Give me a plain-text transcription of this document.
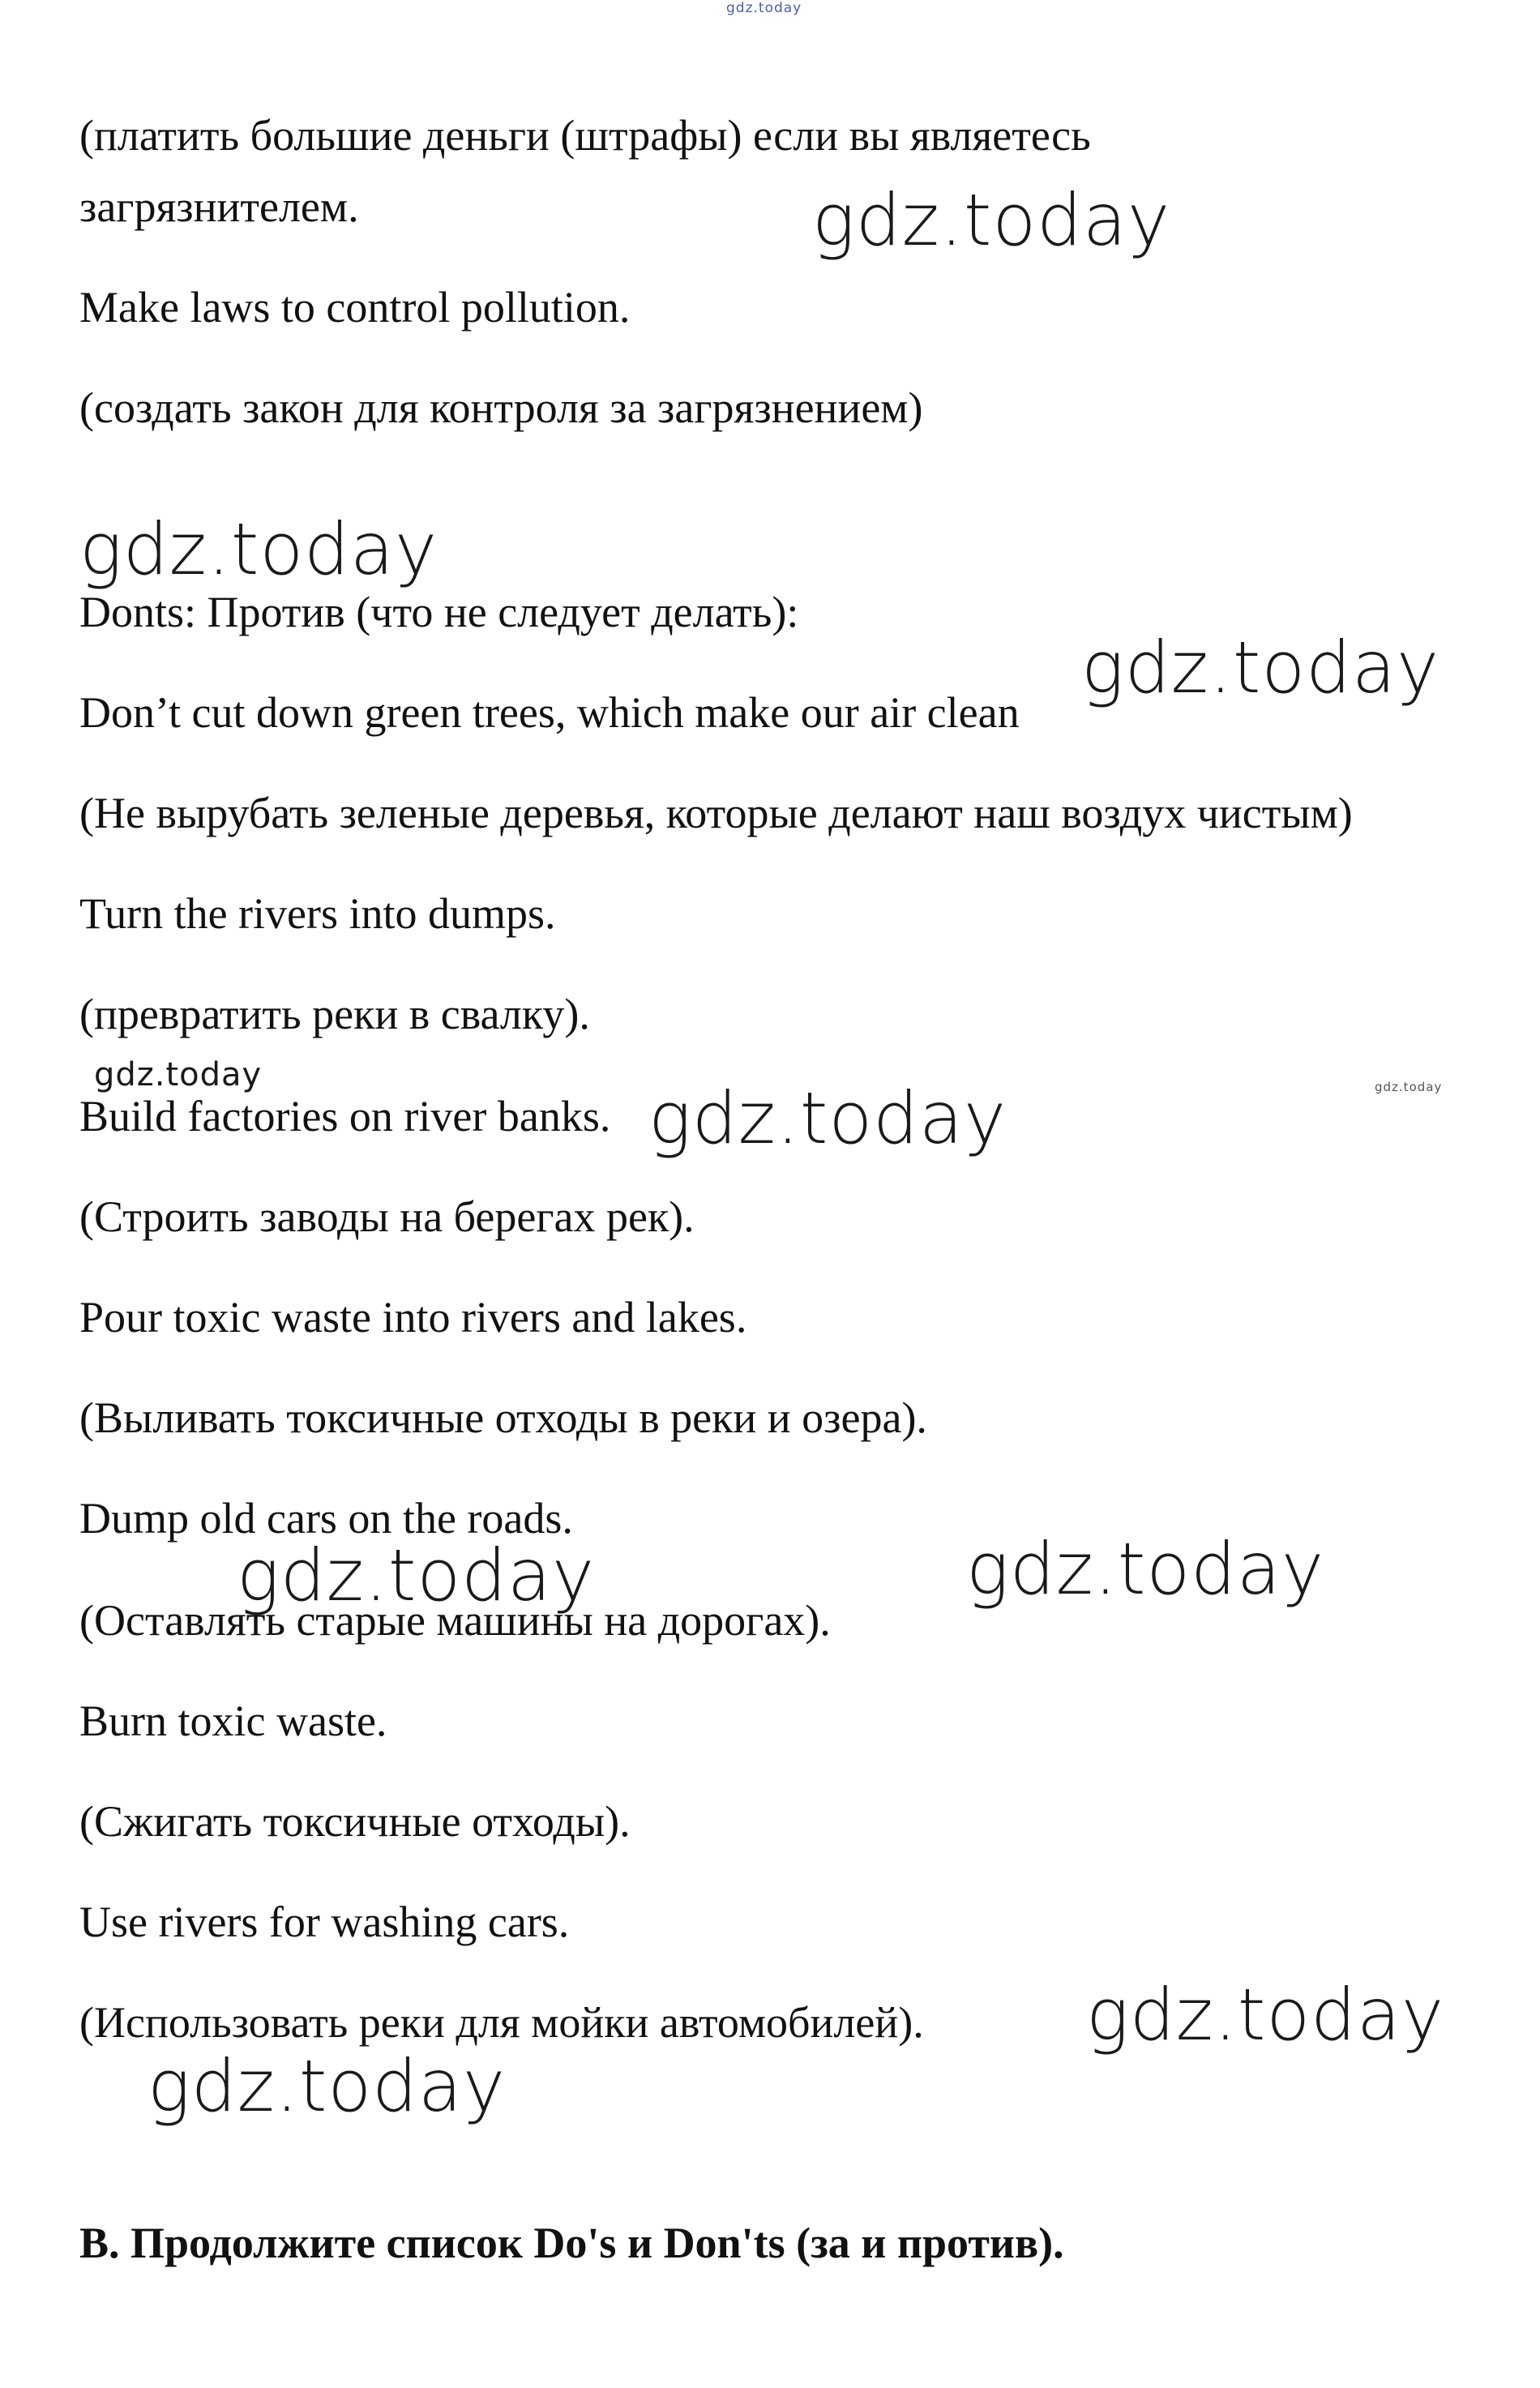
(платить большие деньги (штрафы) если вы являетесь

загрязнителем.

Make laws to control pollution.

(создать закон для контроля за загрязнением)

Donts: Против (что не следует делать):

Don’t cut down green trees, which make our air clean

(Не вырубать зеленые деревья, которые делают наш воздух чистым)

Turn the rivers into dumps.

(превратить реки в свалку).

Build factories on river banks.

(Строить заводы на берегах рек).

Pour toxic waste into rivers and lakes.

(Выливать токсичные отходы в реки и озера).

Dump old cars on the roads.

(Оставлять старые машины на дорогах).

Burn toxic waste.

(Сжигать токсичные отходы).

Use rivers for washing cars.

(Использовать реки для мойки автомобилей).

B. Продолжите список Do's и Don'ts (за и против).

gdz.today
gdz.today
gdz.today
gdz.today
gdz.today	gdz.today
gdz.today
gdz.today
gdz.today
gdz.today
gdz.today
